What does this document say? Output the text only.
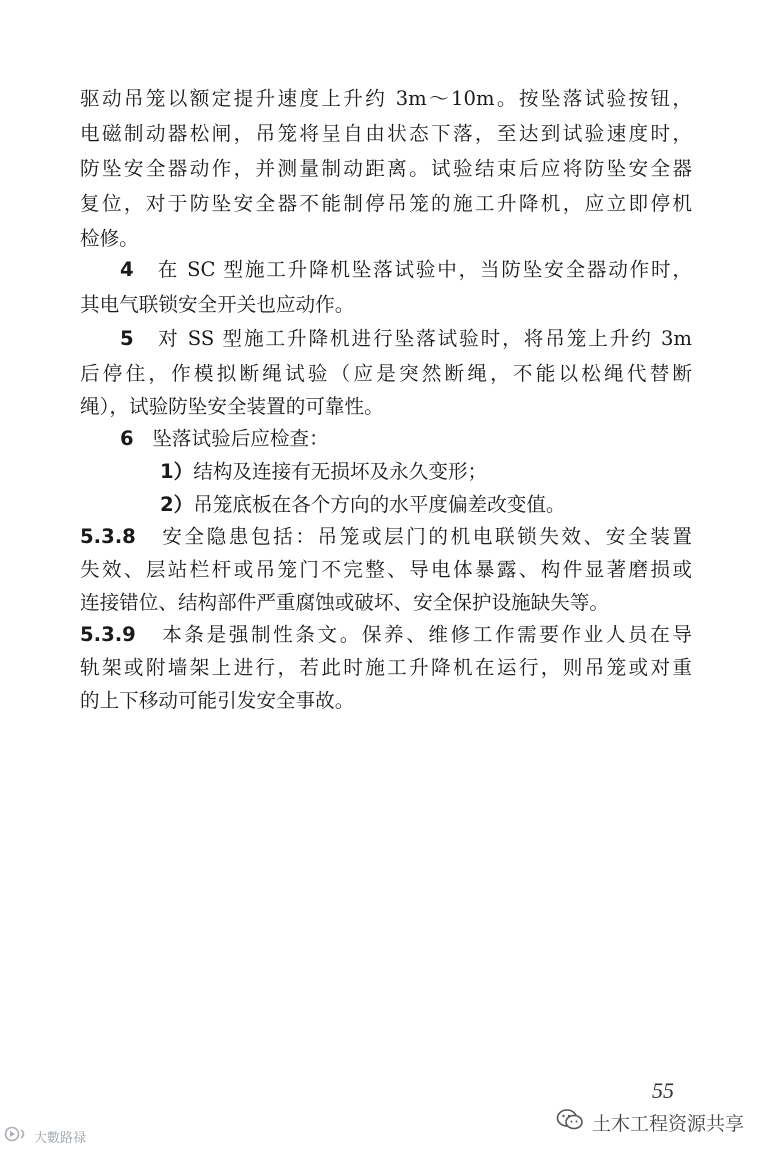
驱动吊笼以额定提升速度上升约 3m～10m。按坠落试验按钮，
电磁制动器松闸，吊笼将呈自由状态下落，至达到试验速度时，
防坠安全器动作，并测量制动距离。试验结束后应将防坠安全器
复位，对于防坠安全器不能制停吊笼的施工升降机，应立即停机
检修。
4 在 SC 型施工升降机坠落试验中，当防坠安全器动作时，
其电气联锁安全开关也应动作。
5 对 SS 型施工升降机进行坠落试验时，将吊笼上升约 3m
后停住，作模拟断绳试验（应是突然断绳，不能以松绳代替断
绳），试验防坠安全装置的可靠性。
6 坠落试验后应检查：
1）结构及连接有无损坏及永久变形；
2）吊笼底板在各个方向的水平度偏差改变值。
5.3.8 安全隐患包括：吊笼或层门的机电联锁失效、安全装置
失效、层站栏杆或吊笼门不完整、导电体暴露、构件显著磨损或
连接错位、结构部件严重腐蚀或破坏、安全保护设施缺失等。
5.3.9 本条是强制性条文。保养、维修工作需要作业人员在导
轨架或附墙架上进行，若此时施工升降机在运行，则吊笼或对重
的上下移动可能引发安全事故。
55
土木工程资源共享
大數路禄
